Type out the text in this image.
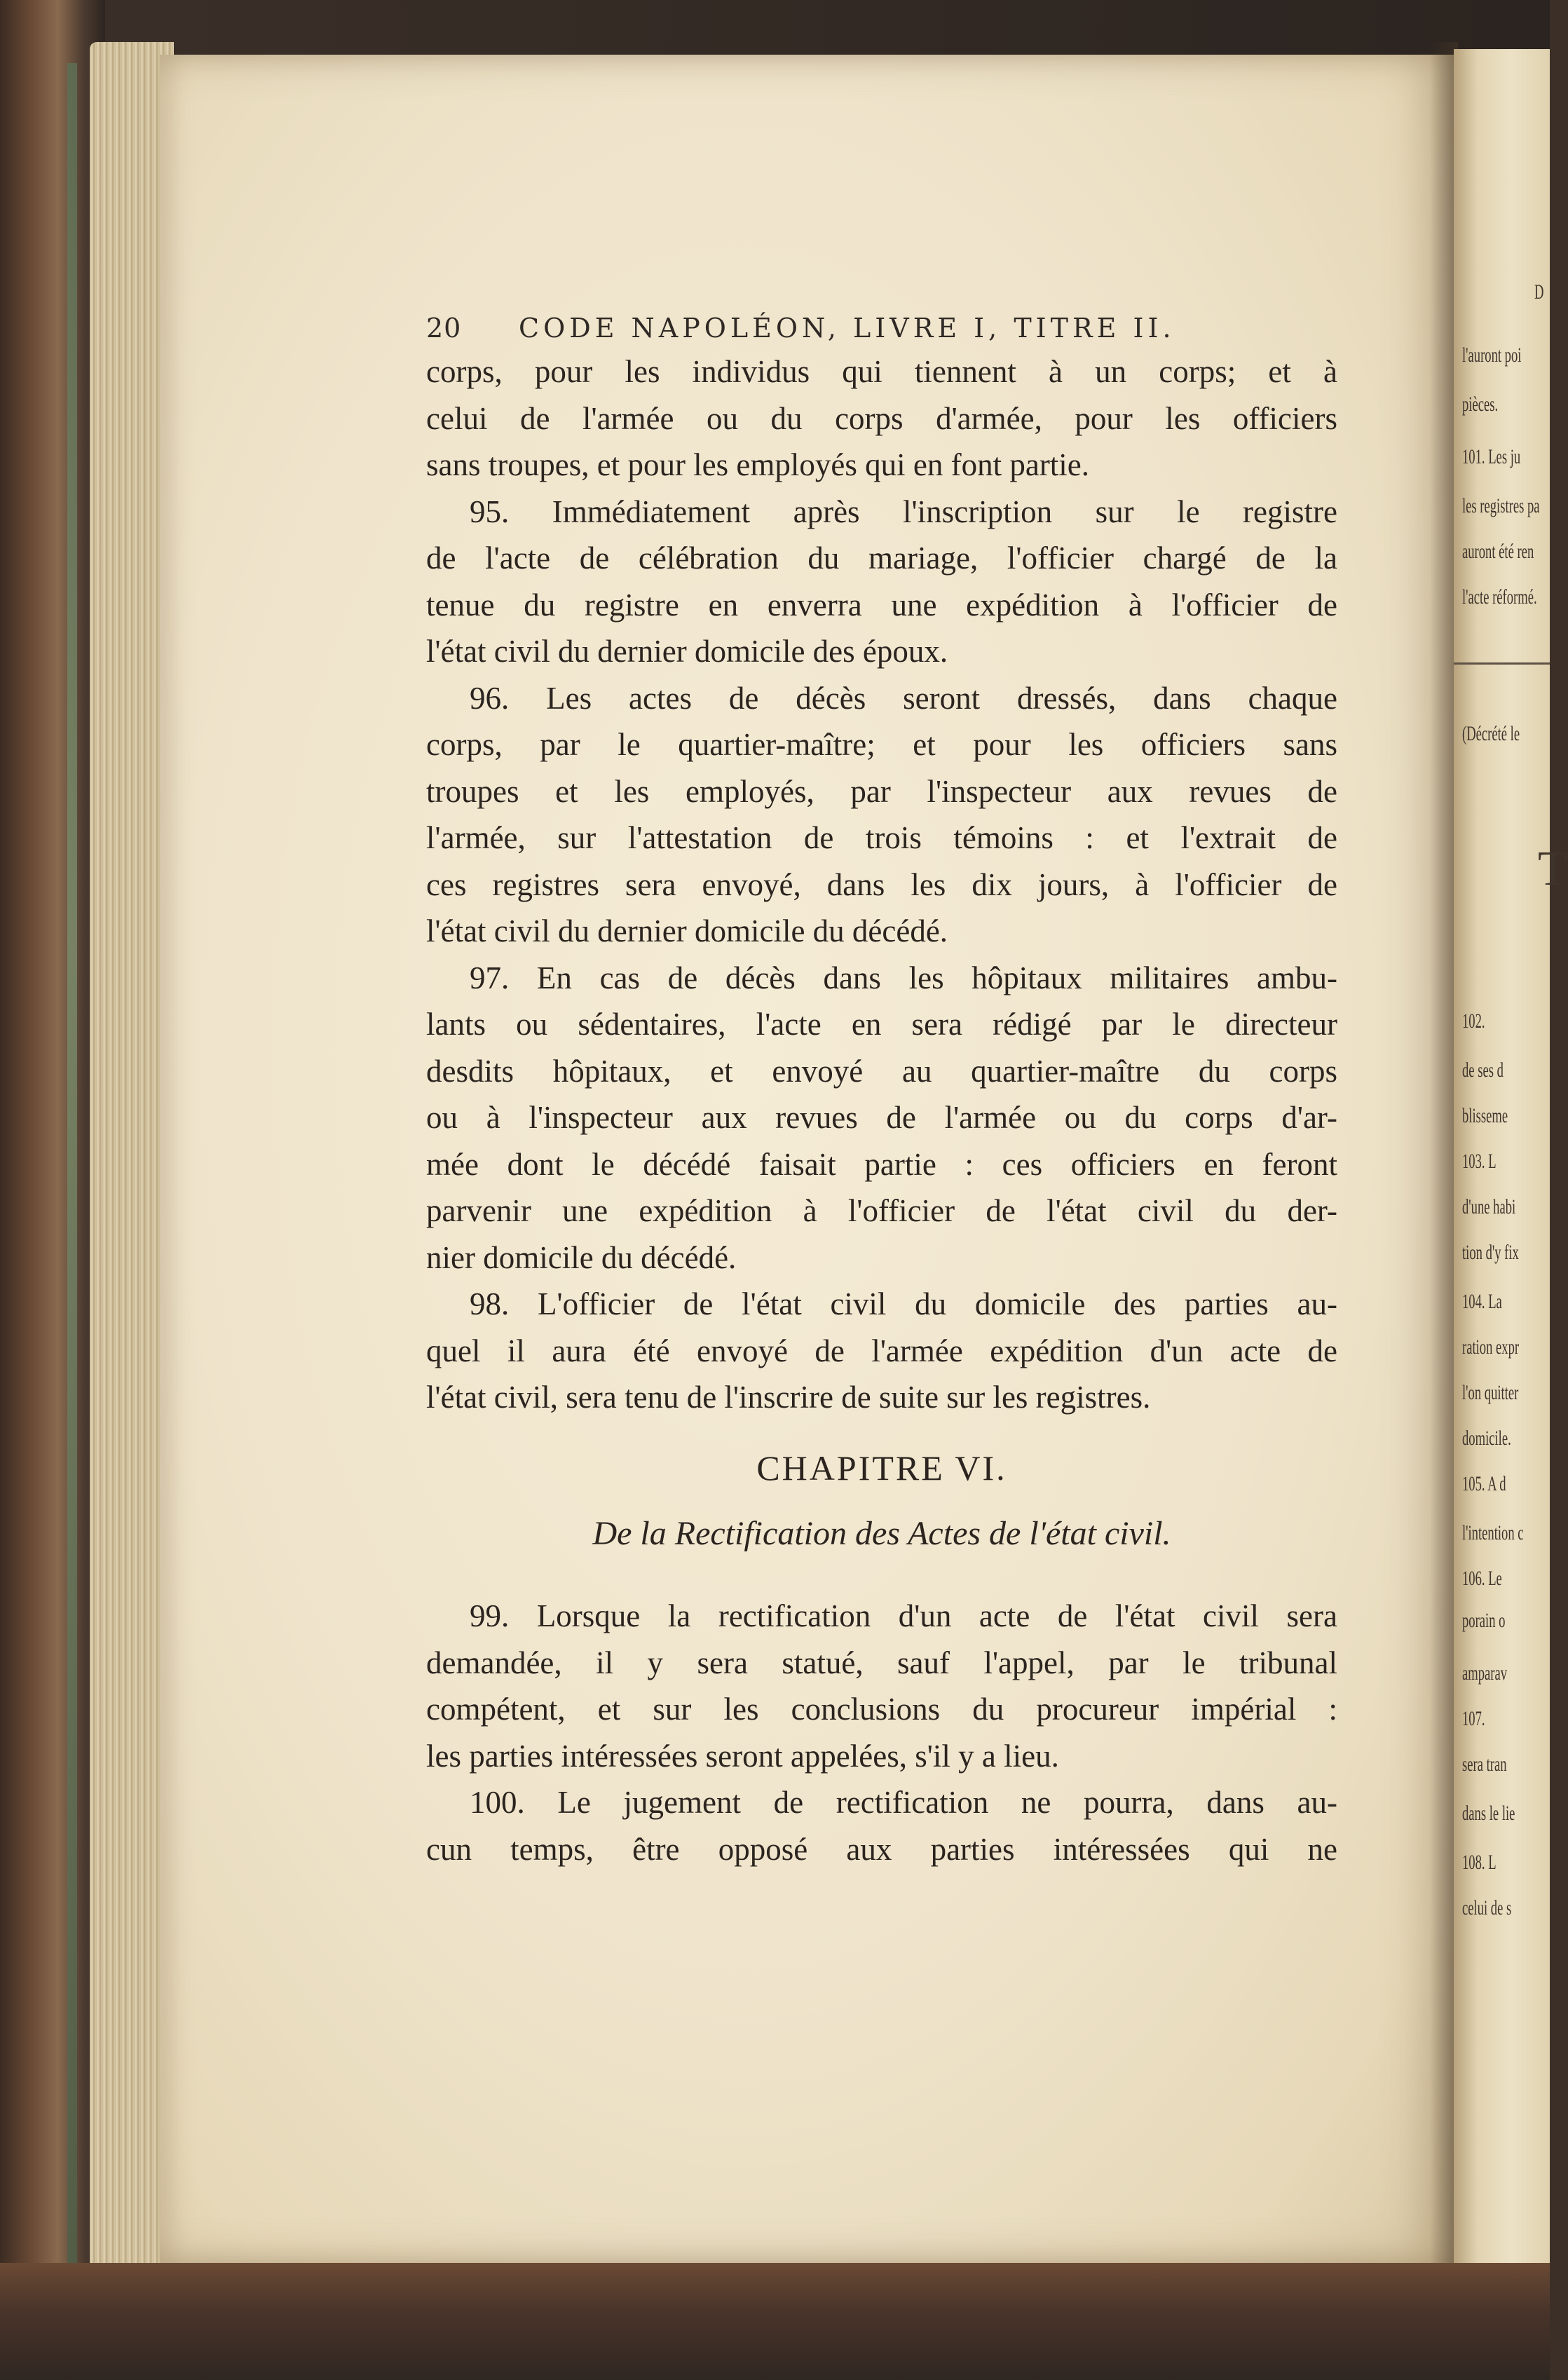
T
D
l'auront poi
pièces.
101. Les ju
les registres pa
auront été ren
l'acte réformé.
(Décrété le
102.
de ses d
blisseme
103. L
d'une habi
tion d'y fix
104. La
ration expr
l'on quitter
domicile.
105. A d
l'intention c
106. Le
porain o
amparav
107.
sera tran
dans le lie
108. L
celui de s
20 CODE NAPOLÉON, LIVRE I, TITRE II.
corps, pour les individus qui tiennent à un corps; et à
celui de l'armée ou du corps d'armée, pour les officiers
sans troupes, et pour les employés qui en font partie.
95. Immédiatement après l'inscription sur le registre
de l'acte de célébration du mariage, l'officier chargé de la
tenue du registre en enverra une expédition à l'officier de
l'état civil du dernier domicile des époux.
96. Les actes de décès seront dressés, dans chaque
corps, par le quartier-maître; et pour les officiers sans
troupes et les employés, par l'inspecteur aux revues de
l'armée, sur l'attestation de trois témoins : et l'extrait de
ces registres sera envoyé, dans les dix jours, à l'officier de
l'état civil du dernier domicile du décédé.
97. En cas de décès dans les hôpitaux militaires ambu-
lants ou sédentaires, l'acte en sera rédigé par le directeur
desdits hôpitaux, et envoyé au quartier-maître du corps
ou à l'inspecteur aux revues de l'armée ou du corps d'ar-
mée dont le décédé faisait partie : ces officiers en feront
parvenir une expédition à l'officier de l'état civil du der-
nier domicile du décédé.
98. L'officier de l'état civil du domicile des parties au-
quel il aura été envoyé de l'armée expédition d'un acte de
l'état civil, sera tenu de l'inscrire de suite sur les registres.
CHAPITRE VI.
De la Rectification des Actes de l'état civil.
99. Lorsque la rectification d'un acte de l'état civil sera
demandée, il y sera statué, sauf l'appel, par le tribunal
compétent, et sur les conclusions du procureur impérial :
les parties intéressées seront appelées, s'il y a lieu.
100. Le jugement de rectification ne pourra, dans au-
cun temps, être opposé aux parties intéressées qui ne
